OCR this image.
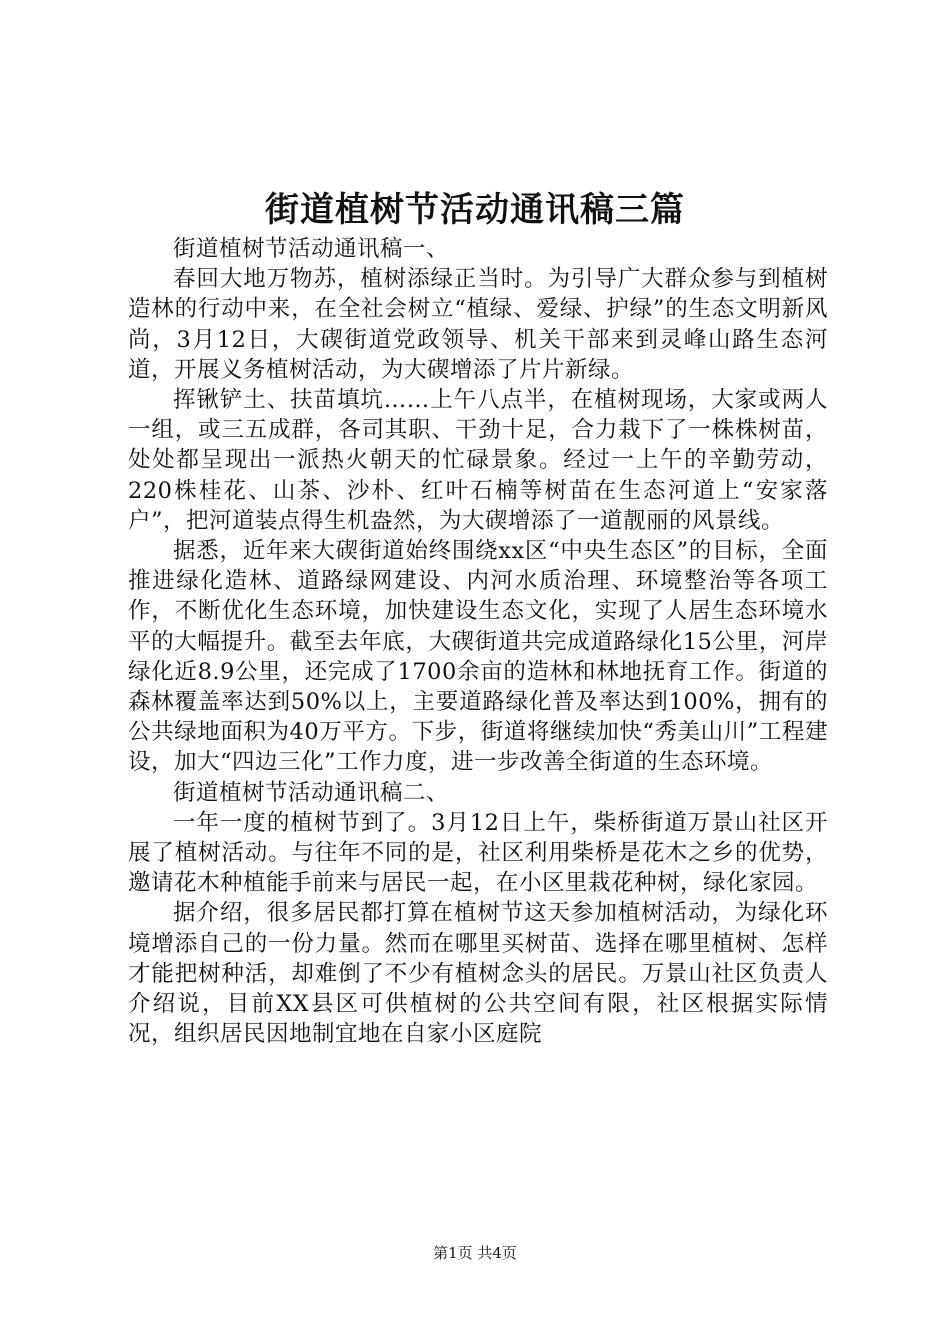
街道植树节活动通讯稿三篇

街道植树节活动通讯稿一、

春回大地万物苏，植树添绿正当时。为引导广大群众参与到植树造林的行动中来，在全社会树立“植绿、爱绿、护绿”的生态文明新风尚，3月12日，大碶街道党政领导、机关干部来到灵峰山路生态河道，开展义务植树活动，为大碶增添了片片新绿。

挥锹铲土、扶苗填坑……上午八点半，在植树现场，大家或两人一组，或三五成群，各司其职、干劲十足，合力栽下了一株株树苗，处处都呈现出一派热火朝天的忙碌景象。经过一上午的辛勤劳动，220株桂花、山茶、沙朴、红叶石楠等树苗在生态河道上“安家落户”，把河道装点得生机盎然，为大碶增添了一道靓丽的风景线。

据悉，近年来大碶街道始终围绕xx区“中央生态区”的目标，全面推进绿化造林、道路绿网建设、内河水质治理、环境整治等各项工作，不断优化生态环境，加快建设生态文化，实现了人居生态环境水平的大幅提升。截至去年底，大碶街道共完成道路绿化15公里，河岸绿化近8.9公里，还完成了1700余亩的造林和林地抚育工作。街道的森林覆盖率达到50%以上，主要道路绿化普及率达到100%，拥有的公共绿地面积为40万平方。下步，街道将继续加快“秀美山川”工程建设，加大“四边三化”工作力度，进一步改善全街道的生态环境。

街道植树节活动通讯稿二、

一年一度的植树节到了。3月12日上午，柴桥街道万景山社区开展了植树活动。与往年不同的是，社区利用柴桥是花木之乡的优势，邀请花木种植能手前来与居民一起，在小区里栽花种树，绿化家园。

据介绍，很多居民都打算在植树节这天参加植树活动，为绿化环境增添自己的一份力量。然而在哪里买树苗、选择在哪里植树、怎样才能把树种活，却难倒了不少有植树念头的居民。万景山社区负责人介绍说，目前XX县区可供植树的公共空间有限，社区根据实际情况，组织居民因地制宜地在自家小区庭院

第1页 共4页
